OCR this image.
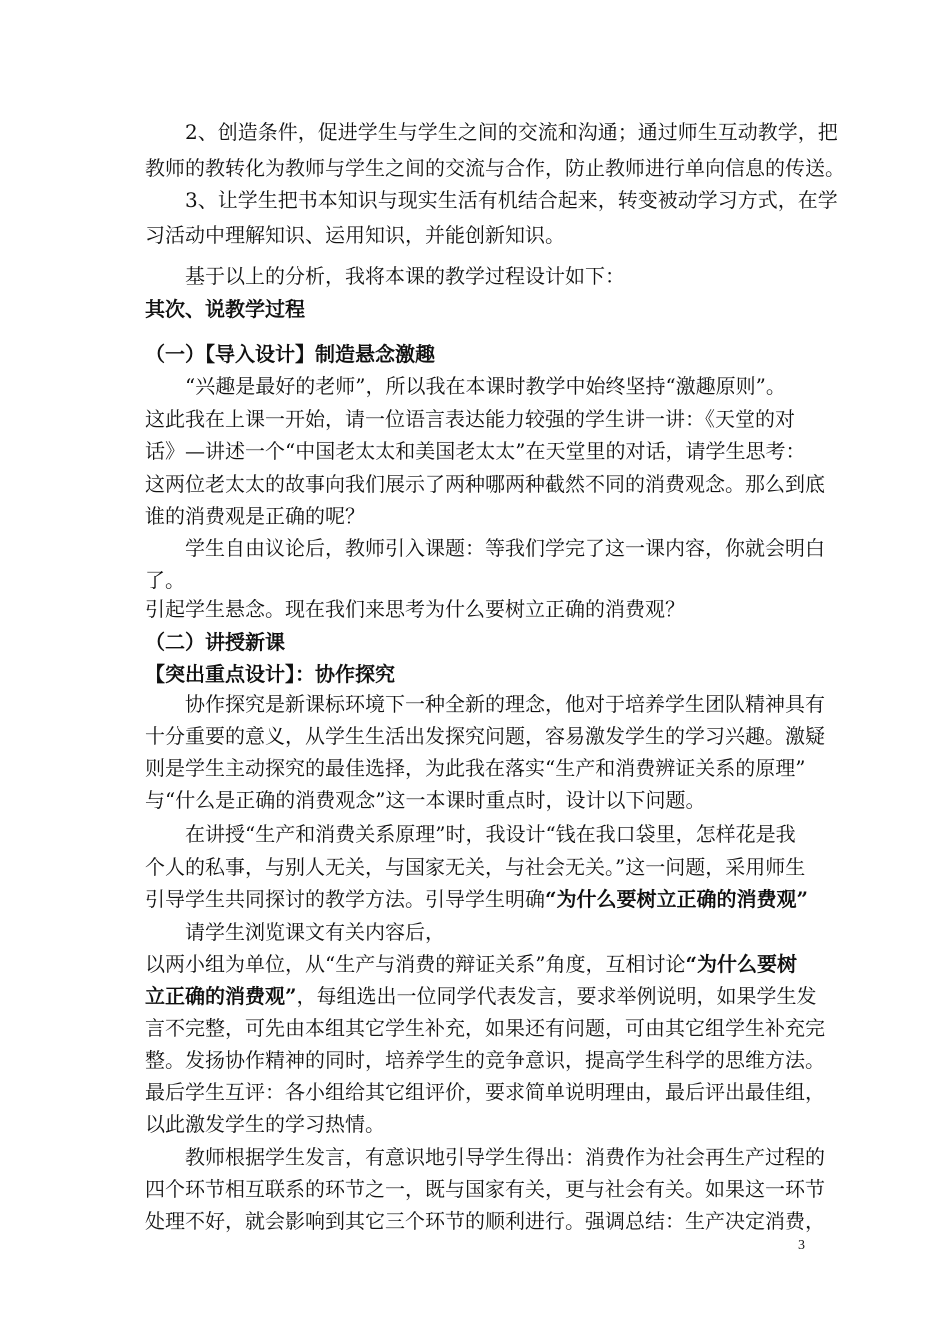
2、创造条件，促进学生与学生之间的交流和沟通；通过师生互动教学，把
教师的教转化为教师与学生之间的交流与合作，防止教师进行单向信息的传送。
3、让学生把书本知识与现实生活有机结合起来，转变被动学习方式，在学
习活动中理解知识、运用知识，并能创新知识。
基于以上的分析，我将本课的教学过程设计如下：
其次、说教学过程
（一）【导入设计】制造悬念激趣
“兴趣是最好的老师”，所以我在本课时教学中始终坚持“激趣原则”。
这此我在上课一开始，请一位语言表达能力较强的学生讲一讲：《天堂的对
话》—讲述一个“中国老太太和美国老太太”在天堂里的对话，请学生思考：
这两位老太太的故事向我们展示了两种哪两种截然不同的消费观念。那么到底
谁的消费观是正确的呢？
学生自由议论后，教师引入课题：等我们学完了这一课内容，你就会明白
了。
引起学生悬念。现在我们来思考为什么要树立正确的消费观？
（二）讲授新课
【突出重点设计】：协作探究
协作探究是新课标环境下一种全新的理念，他对于培养学生团队精神具有
十分重要的意义，从学生生活出发探究问题，容易激发学生的学习兴趣。激疑
则是学生主动探究的最佳选择，为此我在落实“生产和消费辨证关系的原理”
与“什么是正确的消费观念”这一本课时重点时，设计以下问题。
在讲授“生产和消费关系原理”时，我设计“钱在我口袋里，怎样花是我
个人的私事，与别人无关，与国家无关，与社会无关。”这一问题，采用师生
引导学生共同探讨的教学方法。引导学生明确“为什么要树立正确的消费观”
请学生浏览课文有关内容后，
以两小组为单位，从“生产与消费的辩证关系”角度，互相讨论“为什么要树
立正确的消费观”，每组选出一位同学代表发言，要求举例说明，如果学生发
言不完整，可先由本组其它学生补充，如果还有问题，可由其它组学生补充完
整。发扬协作精神的同时，培养学生的竞争意识，提高学生科学的思维方法。
最后学生互评：各小组给其它组评价，要求简单说明理由，最后评出最佳组，
以此激发学生的学习热情。
教师根据学生发言，有意识地引导学生得出：消费作为社会再生产过程的
四个环节相互联系的环节之一，既与国家有关，更与社会有关。如果这一环节
处理不好，就会影响到其它三个环节的顺利进行。强调总结：生产决定消费，
3
